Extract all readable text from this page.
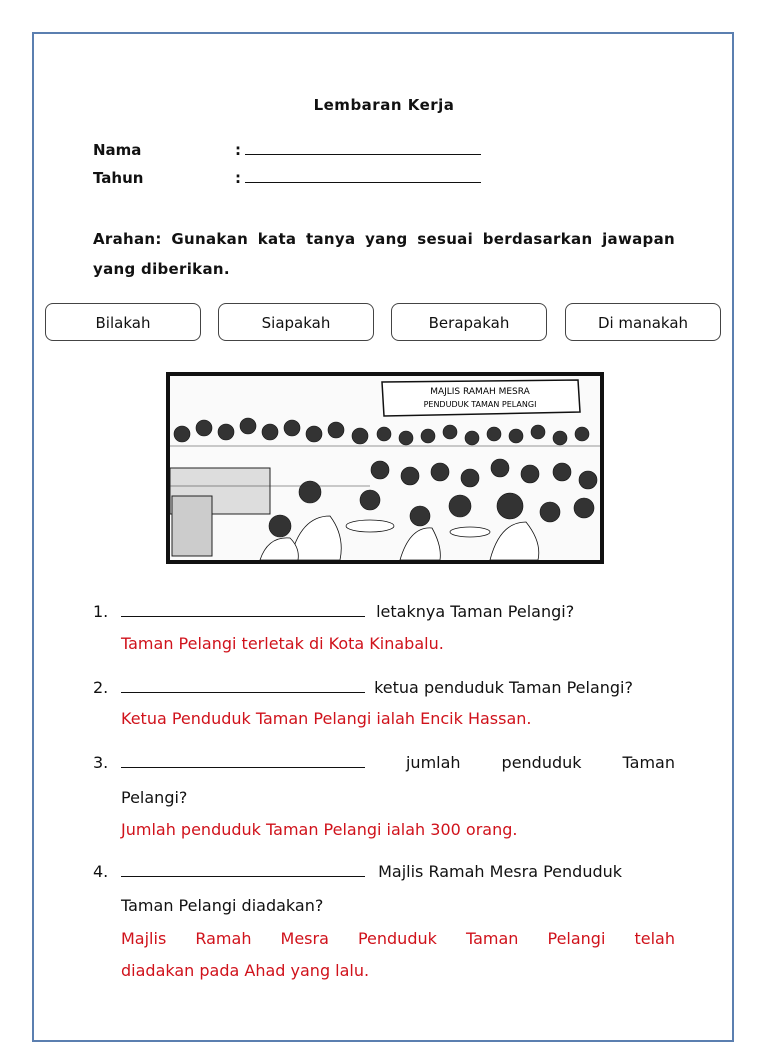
Lembaran Kerja
Nama	:
Tahun	:
Arahan: Gunakan kata tanya yang sesuai berdasarkan jawapan yang diberikan.
Bilakah	Siapakah	Berapakah	Di manakah
MAJLIS RAMAH MESRA
PENDUDUK TAMAN PELANGI
1.	letaknya Taman Pelangi?
Taman Pelangi terletak di Kota Kinabalu.
2.	ketua penduduk Taman Pelangi?
Ketua Penduduk Taman Pelangi ialah Encik Hassan.
3.	jumlah	penduduk	Taman
Pelangi?
Jumlah penduduk Taman Pelangi ialah 300 orang.
4.	Majlis Ramah Mesra Penduduk
Taman Pelangi diadakan?
Majlis Ramah Mesra Penduduk Taman Pelangi telah
diadakan pada Ahad yang lalu.
